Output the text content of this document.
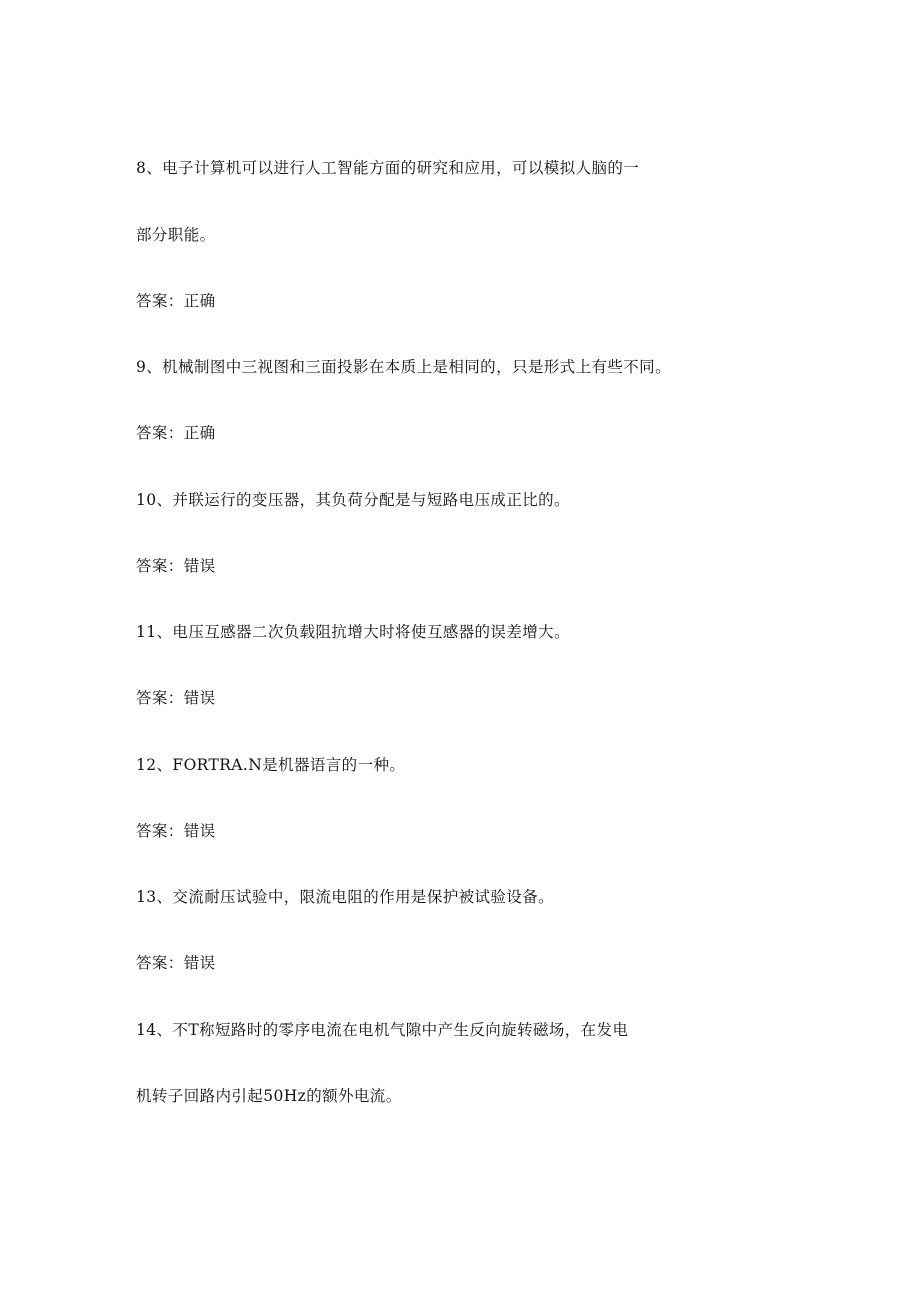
8、电子计算机可以进行人工智能方面的研究和应用，可以模拟人脑的一
部分职能。
答案：正确
9、机械制图中三视图和三面投影在本质上是相同的，只是形式上有些不同。
答案：正确
10、并联运行的变压器，其负荷分配是与短路电压成正比的。
答案：错误
11、电压互感器二次负载阻抗增大时将使互感器的误差增大。
答案：错误
12、FORTRA.N是机器语言的一种。
答案：错误
13、交流耐压试验中，限流电阻的作用是保护被试验设备。
答案：错误
14、不T称短路时的零序电流在电机气隙中产生反向旋转磁场，在发电
机转子回路内引起50Hz的额外电流。
